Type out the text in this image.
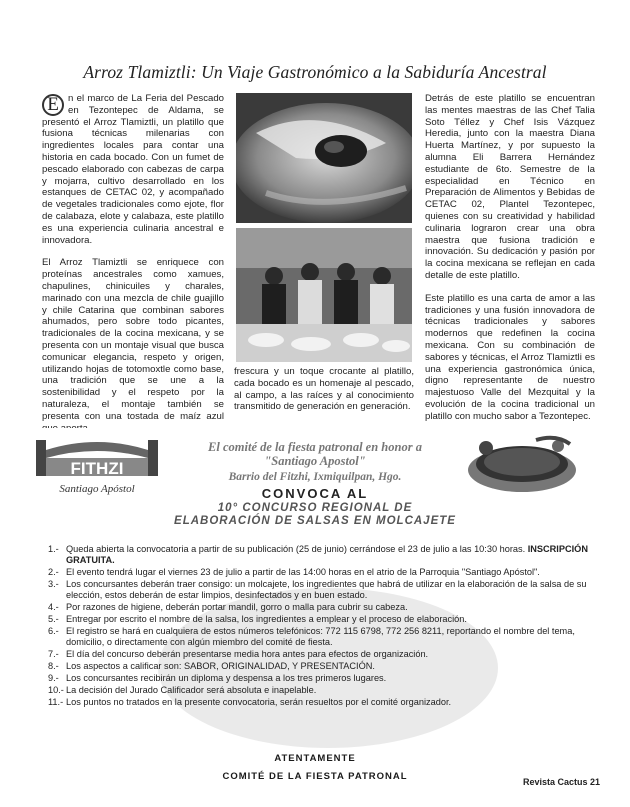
Arroz Tlamiztli: Un Viaje Gastronómico a la Sabiduría Ancestral

E n el marco de La Feria del Pescado en Tezontepec de Aldama, se presentó el Arroz Tlamiztli, un platillo que fusiona técnicas milenarias con ingredientes locales para contar una historia en cada bocado. Con un fumet de pescado elaborado con cabezas de carpa y mojarra, cultivo desarrollado en los estanques de CETAC 02, y acompañado de vegetales tradicionales como ejote, flor de calabaza, elote y calabaza, este platillo es una experiencia culinaria ancestral e innovadora.

El Arroz Tlamiztli se enriquece con proteínas ancestrales como xamues, chapulines, chinicuiles y charales, marinado con una mezcla de chile guajillo y chile Catarina que combinan sabores ahumados, pero sobre todo picantes, tradicionales de la cocina mexicana, y se presenta con un montaje visual que busca comunicar elegancia, respeto y origen, utilizando hojas de totomoxtle como base, una tradición que se une a la sostenibilidad y el respeto por la naturaleza, el montaje también se presenta con una tostada de maíz azul

frescura y un toque crocante al platillo, cada bocado es un homenaje al pescado, al campo, a las raíces y al conocimiento transmitido de generación en generación.

Detrás de este platillo se encuentran las mentes maestras de las Chef Talia Soto Téllez y Chef Isis Vázquez Heredia, junto con la maestra Diana Huerta Martínez, y por supuesto la alumna Eli Barrera Hernández estudiante de 6to. Semestre de la especialidad en Técnico en Preparación de Alimentos y Bebidas de CETAC 02, Plantel Tezontepec, quienes con su creatividad y habilidad culinaria lograron crear una obra maestra que fusiona tradición e innovación. Su dedicación y pasión por la cocina mexicana se reflejan en cada detalle de este platillo.

Este platillo es una carta de amor a las tradiciones y una fusión innovadora de técnicas tradicionales y sabores modernos que redefinen la cocina mexicana. Con su combinación de sabores y técnicas, el Arroz Tlamiztli es una experiencia gastronómica única, digno representante de nuestro majestuoso Valle del Mezquital y la evolución de la cocina tradicional un platillo con mucho sabor a Tezontepec.

FITHZI
Santiago Apóstol
El comité de la fiesta patronal en honor a
"Santiago Apostol"
Barrio del Fitzhi, Ixmiquilpan, Hgo.
CONVOCA AL
10° CONCURSO REGIONAL DE
ELABORACIÓN DE SALSAS EN MOLCAJETE
1.- Queda abierta la convocatoria a partir de su publicación (25 de junio) cerrándose el 23 de julio a las 10:30 horas. INSCRIPCIÓN GRATUITA.
2.- El evento tendrá lugar el viernes 23 de julio a partir de las 14:00 horas en el atrio de la Parroquia "Santiago Apóstol".
3.- Los concursantes deberán traer consigo: un molcajete, los ingredientes que habrá de utilizar en la elaboración de la salsa de su elección, estos deberán de estar limpios, desinfectados y en buen estado.
4.- Por razones de higiene, deberán portar mandil, gorro o malla para cubrir su cabeza.
5.- Entregar por escrito el nombre de la salsa, los ingredientes a emplear y el proceso de elaboración.
6.- El registro se hará en cualquiera de estos números telefónicos: 772 115 6798, 772 256 8211, reportando el nombre del tema, domicilio, o directamente con algún miembro del comité de fiesta.
7.- El día del concurso deberán presentarse media hora antes para efectos de organización.
8.- Los aspectos a calificar son: SABOR, ORIGINALIDAD, Y PRESENTACIÓN.
9.- Los concursantes recibirán un diploma y despensa a los tres primeros lugares.
10.- La decisión del Jurado Calificador será absoluta e inapelable.
11.- Los puntos no tratados en la presente convocatoria, serán resueltos por el comité organizador.
ATENTAMENTE
COMITÉ DE LA FIESTA PATRONAL	Revista Cactus 21
